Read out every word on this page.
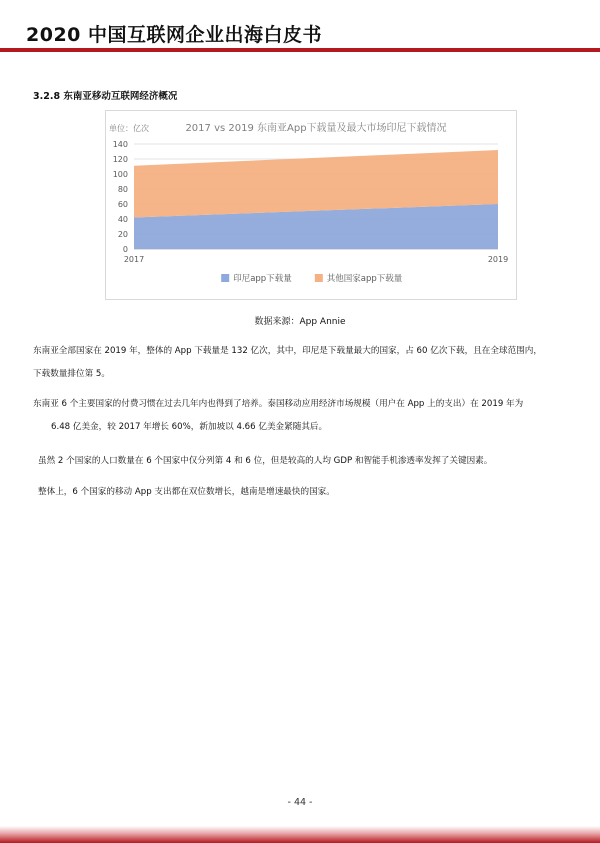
2020 中国互联网企业出海白皮书
3.2.8 东南亚移动互联网经济概况
2017 vs 2019 东南亚App下载量及最大市场印尼下载情况
单位：亿次
0
20
40
60
80
100
120
140
2017	2019
印尼app下载量	其他国家app下载量
数据来源：App Annie
东南亚全部国家在 2019 年，整体的 App 下载量是 132 亿次，其中，印尼是下载量最大的国家，占 60 亿次下载，且在全球范围内，
下载数量排位第 5。
东南亚 6 个主要国家的付费习惯在过去几年内也得到了培养。泰国移动应用经济市场规模（用户在 App 上的支出）在 2019 年为
6.48 亿美金，较 2017 年增长 60%，新加坡以 4.66 亿美金紧随其后。
虽然 2 个国家的人口数量在 6 个国家中仅分列第 4 和 6 位，但是较高的人均 GDP 和智能手机渗透率发挥了关键因素。
整体上，6 个国家的移动 App 支出都在双位数增长，越南是增速最快的国家。
- 44 -
